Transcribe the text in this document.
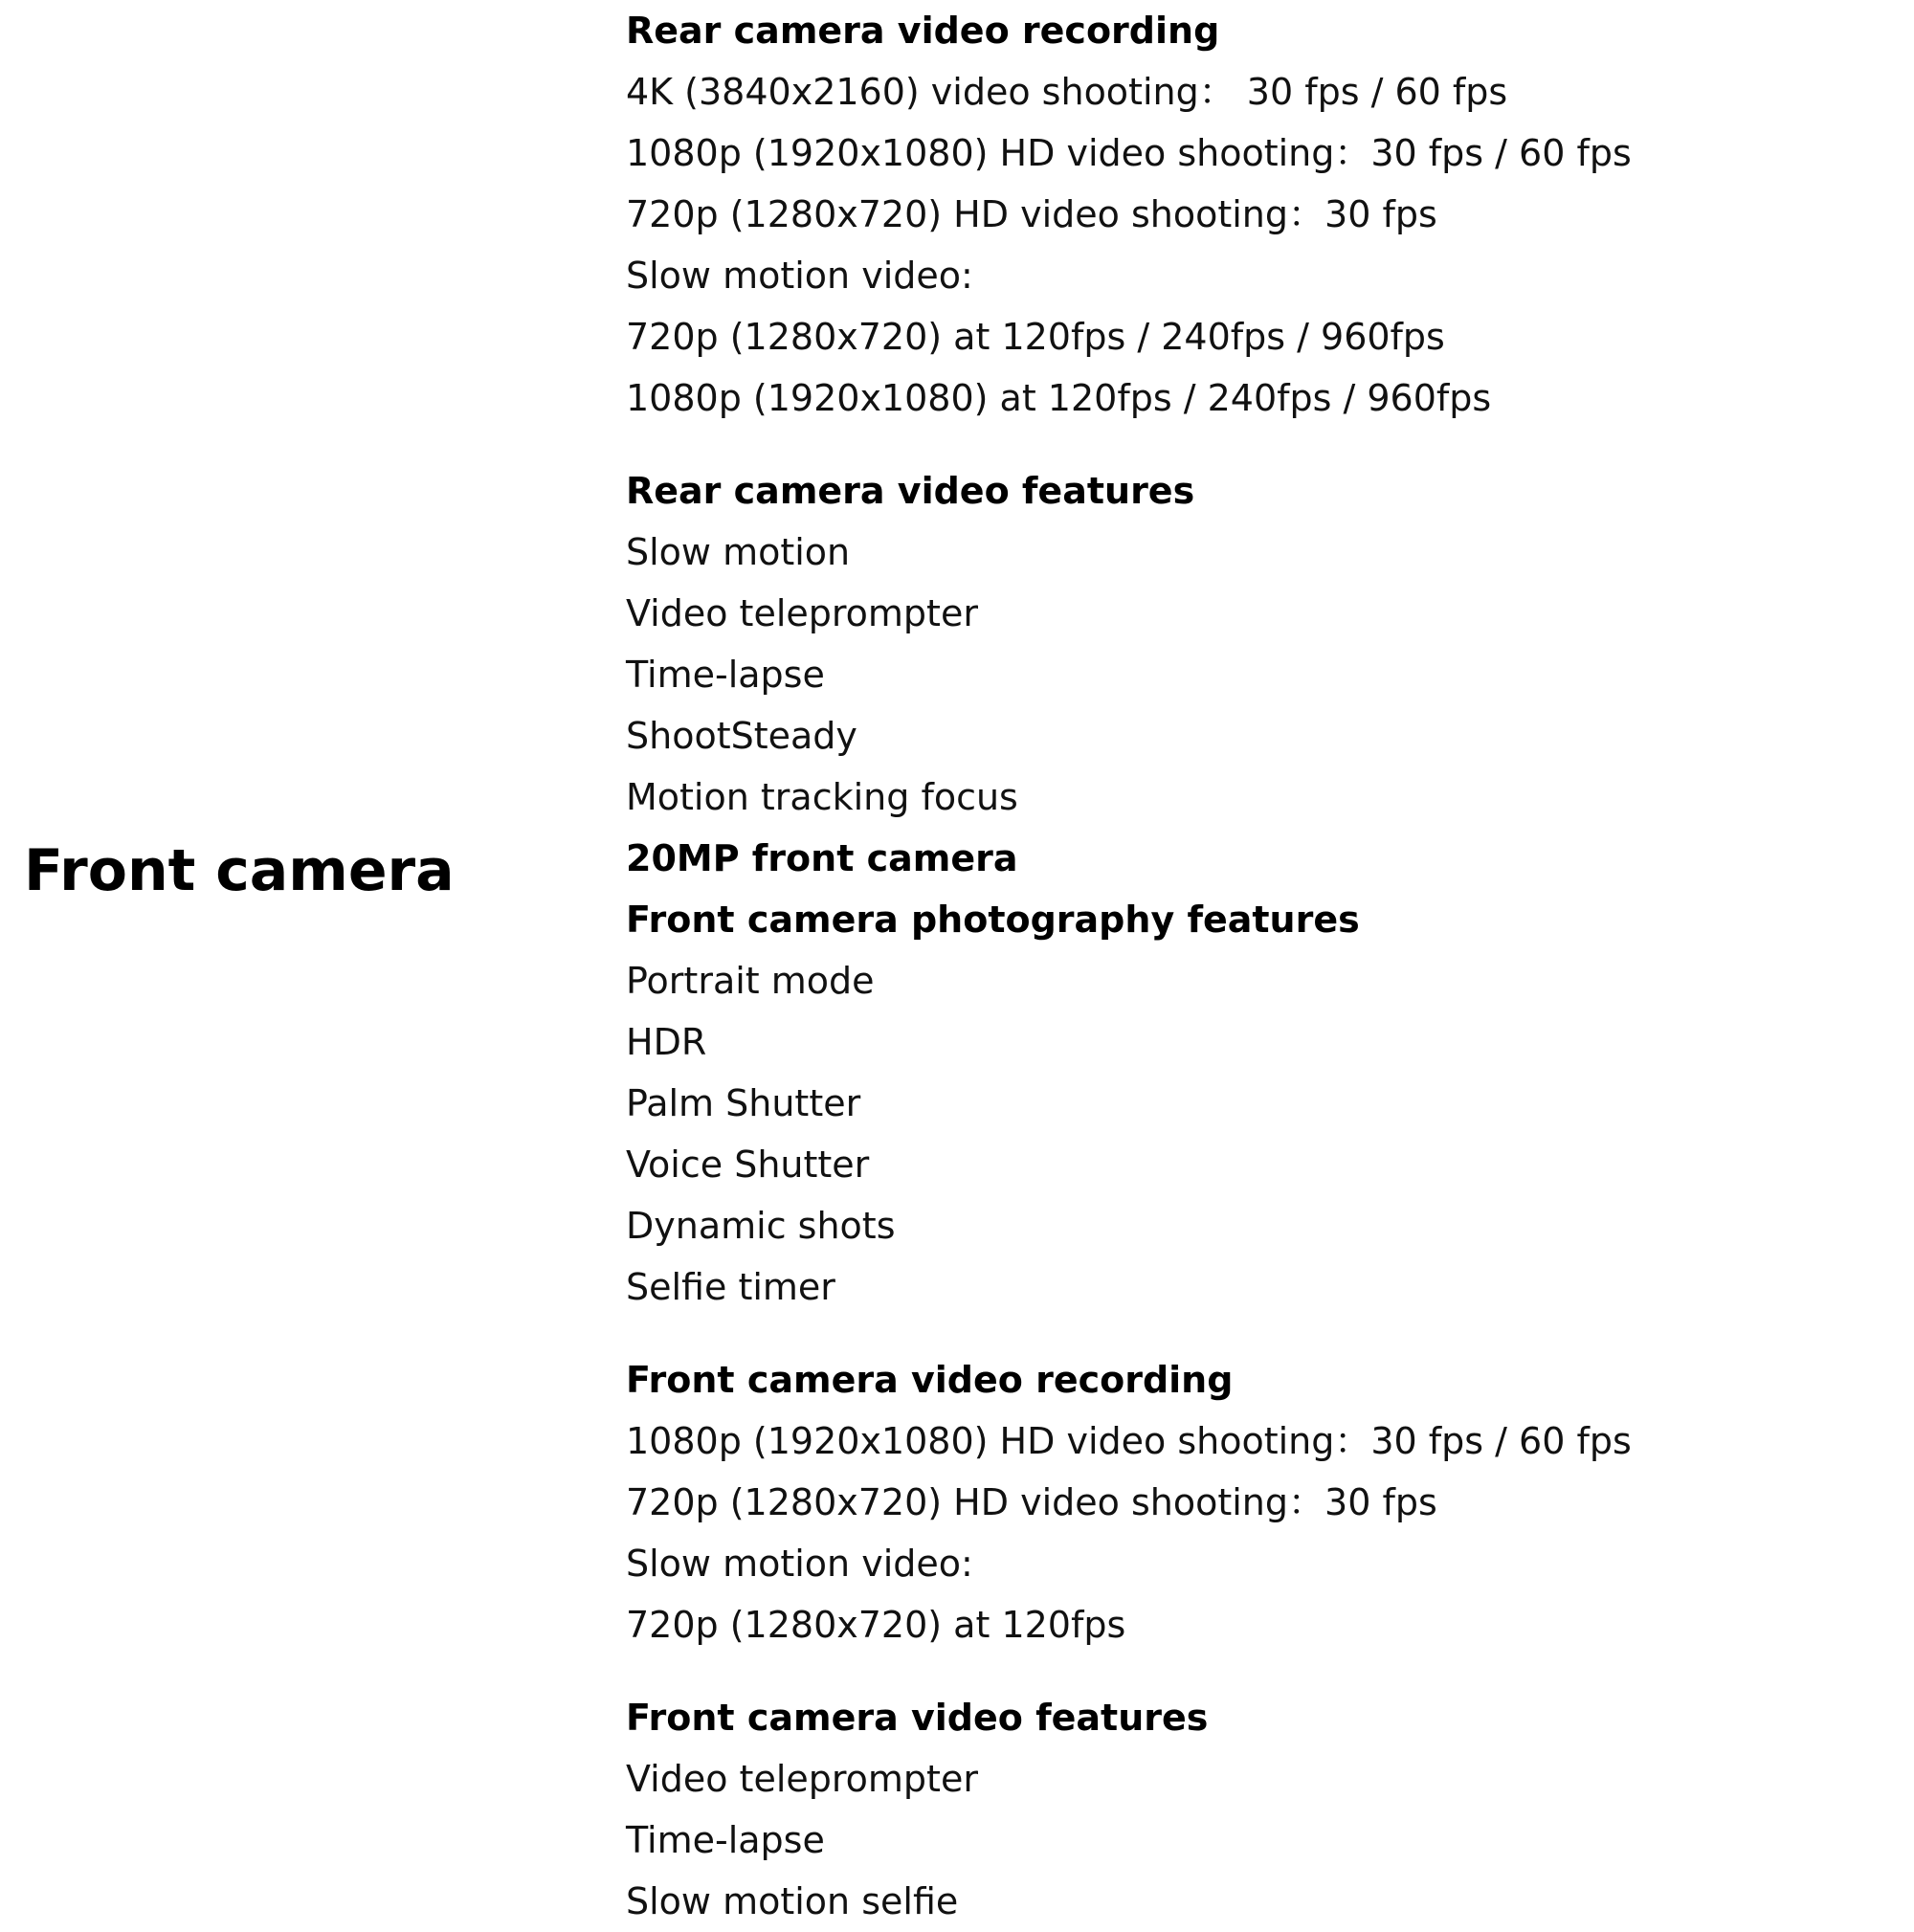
Front camera
Rear camera video recording
4K (3840x2160) video shooting： 30 fps / 60 fps
1080p (1920x1080) HD video shooting：30 fps / 60 fps
720p (1280x720) HD video shooting：30 fps
Slow motion video:
720p (1280x720) at 120fps / 240fps / 960fps
1080p (1920x1080) at 120fps / 240fps / 960fps
Rear camera video features
Slow motion
Video teleprompter
Time-lapse
ShootSteady
Motion tracking focus
20MP front camera
Front camera photography features
Portrait mode
HDR
Palm Shutter
Voice Shutter
Dynamic shots
Selfie timer
Front camera video recording
1080p (1920x1080) HD video shooting：30 fps / 60 fps
720p (1280x720) HD video shooting：30 fps
Slow motion video:
720p (1280x720) at 120fps
Front camera video features
Video teleprompter
Time-lapse
Slow motion selfie
